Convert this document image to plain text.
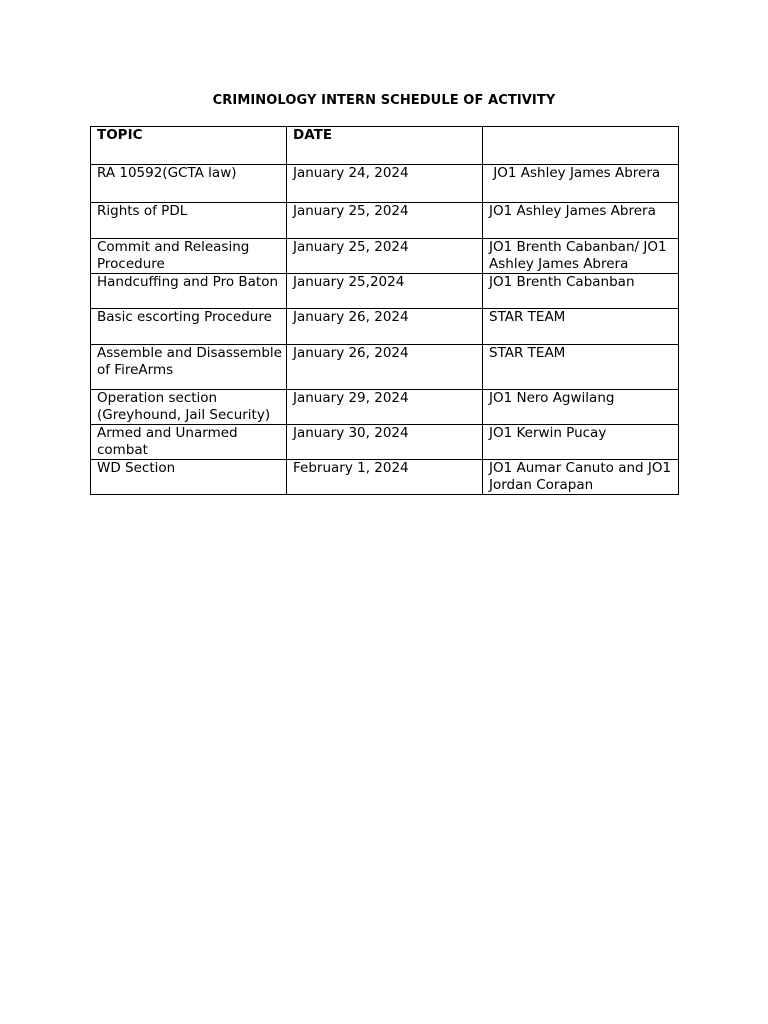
CRIMINOLOGY INTERN SCHEDULE OF ACTIVITY
TOPIC	DATE	
RA 10592(GCTA law)	January 24, 2024	JO1 Ashley James Abrera
Rights of PDL	January 25, 2024	JO1 Ashley James Abrera
Commit and Releasing Procedure	January 25, 2024	JO1 Brenth Cabanban/ JO1 Ashley James Abrera
Handcuffing and Pro Baton	January 25,2024	JO1 Brenth Cabanban
Basic escorting Procedure	January 26, 2024	STAR TEAM
Assemble and Disassemble of FireArms	January 26, 2024	STAR TEAM
Operation section (Greyhound, Jail Security)	January 29, 2024	JO1 Nero Agwilang
Armed and Unarmed combat	January 30, 2024	JO1 Kerwin Pucay
WD Section	February 1, 2024	JO1 Aumar Canuto and JO1 Jordan Corapan
